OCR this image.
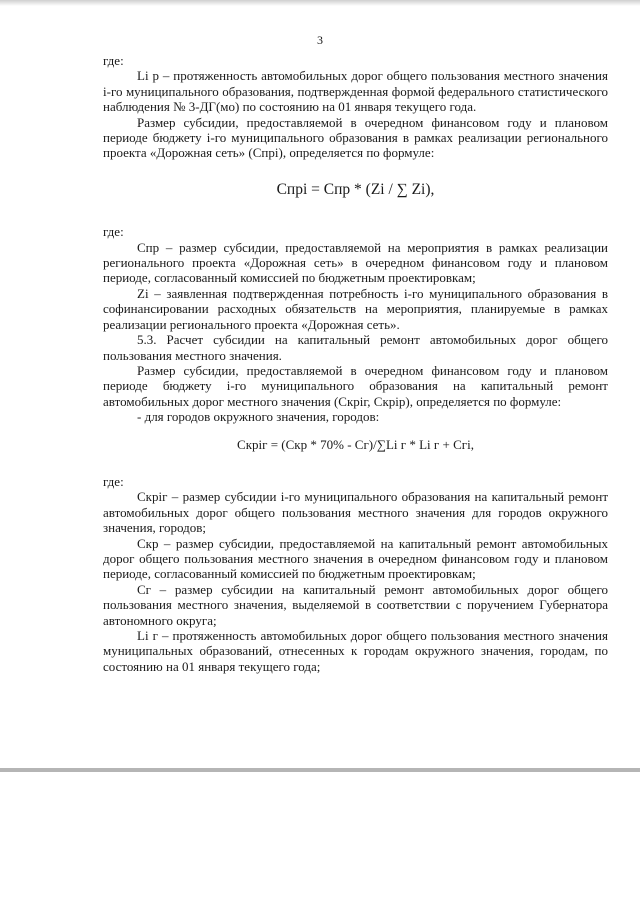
3

где:

Li p – протяженность автомобильных дорог общего пользования местного значения i-го муниципального образования, подтвержденная формой федерального статистического наблюдения № 3-ДГ(мо) по состоянию на 01 января текущего года.

Размер субсидии, предоставляемой в очередном финансовом году и плановом периоде бюджету i-го муниципального образования в рамках реализации регионального проекта «Дорожная сеть» (Спрі), определяется по формуле:

Спрі = Спр * (Zi / ∑ Zi),

где:

Спр – размер субсидии, предоставляемой на мероприятия в рамках реализации регионального проекта «Дорожная сеть» в очередном финансовом году и плановом периоде, согласованный комиссией по бюджетным проектировкам;

Zi – заявленная подтвержденная потребность i-го муниципального образования в софинансировании расходных обязательств на мероприятия, планируемые в рамках реализации регионального проекта «Дорожная сеть».

5.3. Расчет субсидии на капитальный ремонт автомобильных дорог общего пользования местного значения.

Размер субсидии, предоставляемой в очередном финансовом году и плановом периоде бюджету i-го муниципального образования на капитальный ремонт автомобильных дорог местного значения (Скріг, Скрір), определяется по формуле:

- для городов окружного значения, городов:

Скріг = (Скр * 70% - Сг)/∑Li г * Li г + Сгі,

где:

Скріг – размер субсидии i-го муниципального образования на капитальный ремонт автомобильных дорог общего пользования местного значения для городов окружного значения, городов;

Скр – размер субсидии, предоставляемой на капитальный ремонт автомобильных дорог общего пользования местного значения в очередном финансовом году и плановом периоде, согласованный комиссией по бюджетным проектировкам;

Сг – размер субсидии на капитальный ремонт автомобильных дорог общего пользования местного значения, выделяемой в соответствии с поручением Губернатора автономного округа;

Li г – протяженность автомобильных дорог общего пользования местного значения муниципальных образований, отнесенных к городам окружного значения, городам, по состоянию на 01 января текущего года;
